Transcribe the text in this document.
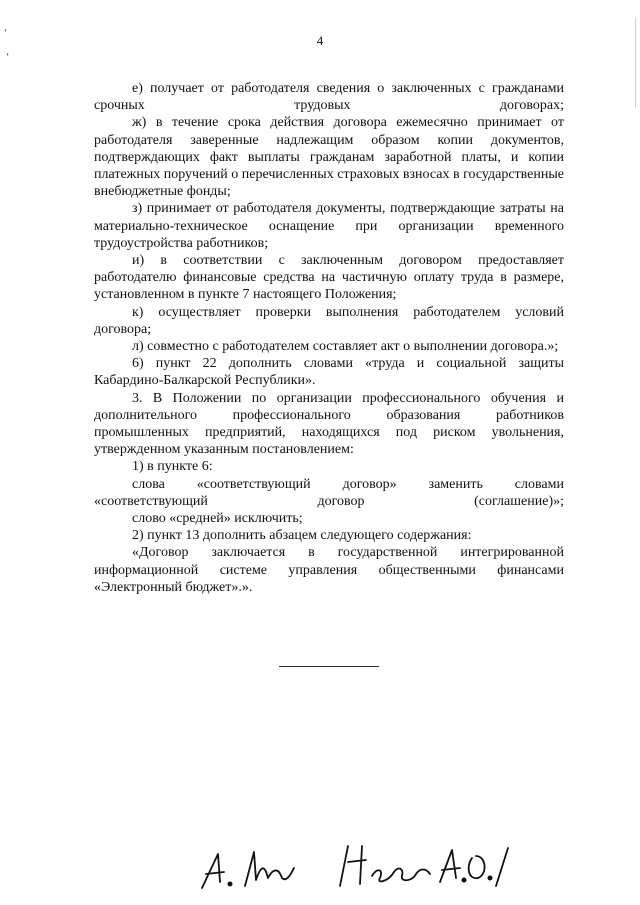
4
ʻ
ʻ

е) получает от работодателя сведения о заключенных с гражданами срочных трудовых договорах;

ж) в течение срока действия договора ежемесячно принимает от работодателя заверенные надлежащим образом копии документов, подтверждающих факт выплаты гражданам заработной платы, и копии платежных поручений о перечисленных страховых взносах в государственные внебюджетные фонды;

з) принимает от работодателя документы, подтверждающие затраты на материально-техническое оснащение при организации временного трудоустройства работников;

и) в соответствии с заключенным договором предоставляет работодателю финансовые средства на частичную оплату труда в размере, установленном в пункте 7 настоящего Положения;

к) осуществляет проверки выполнения работодателем условий договора;

л) совместно с работодателем составляет акт о выполнении договора.»;

6) пункт 22 дополнить словами «труда и социальной защиты Кабардино-Балкарской Республики».

3. В Положении по организации профессионального обучения и дополнительного профессионального образования работников промышленных предприятий, находящихся под риском увольнения, утвержденном указанным постановлением:

1) в пункте 6:

слова «соответствующий договор» заменить словами «соответствующий договор (соглашение)»;

слово «средней» исключить;

2) пункт 13 дополнить абзацем следующего содержания:

«Договор заключается в государственной интегрированной информационной системе управления общественными финансами «Электронный бюджет».».
